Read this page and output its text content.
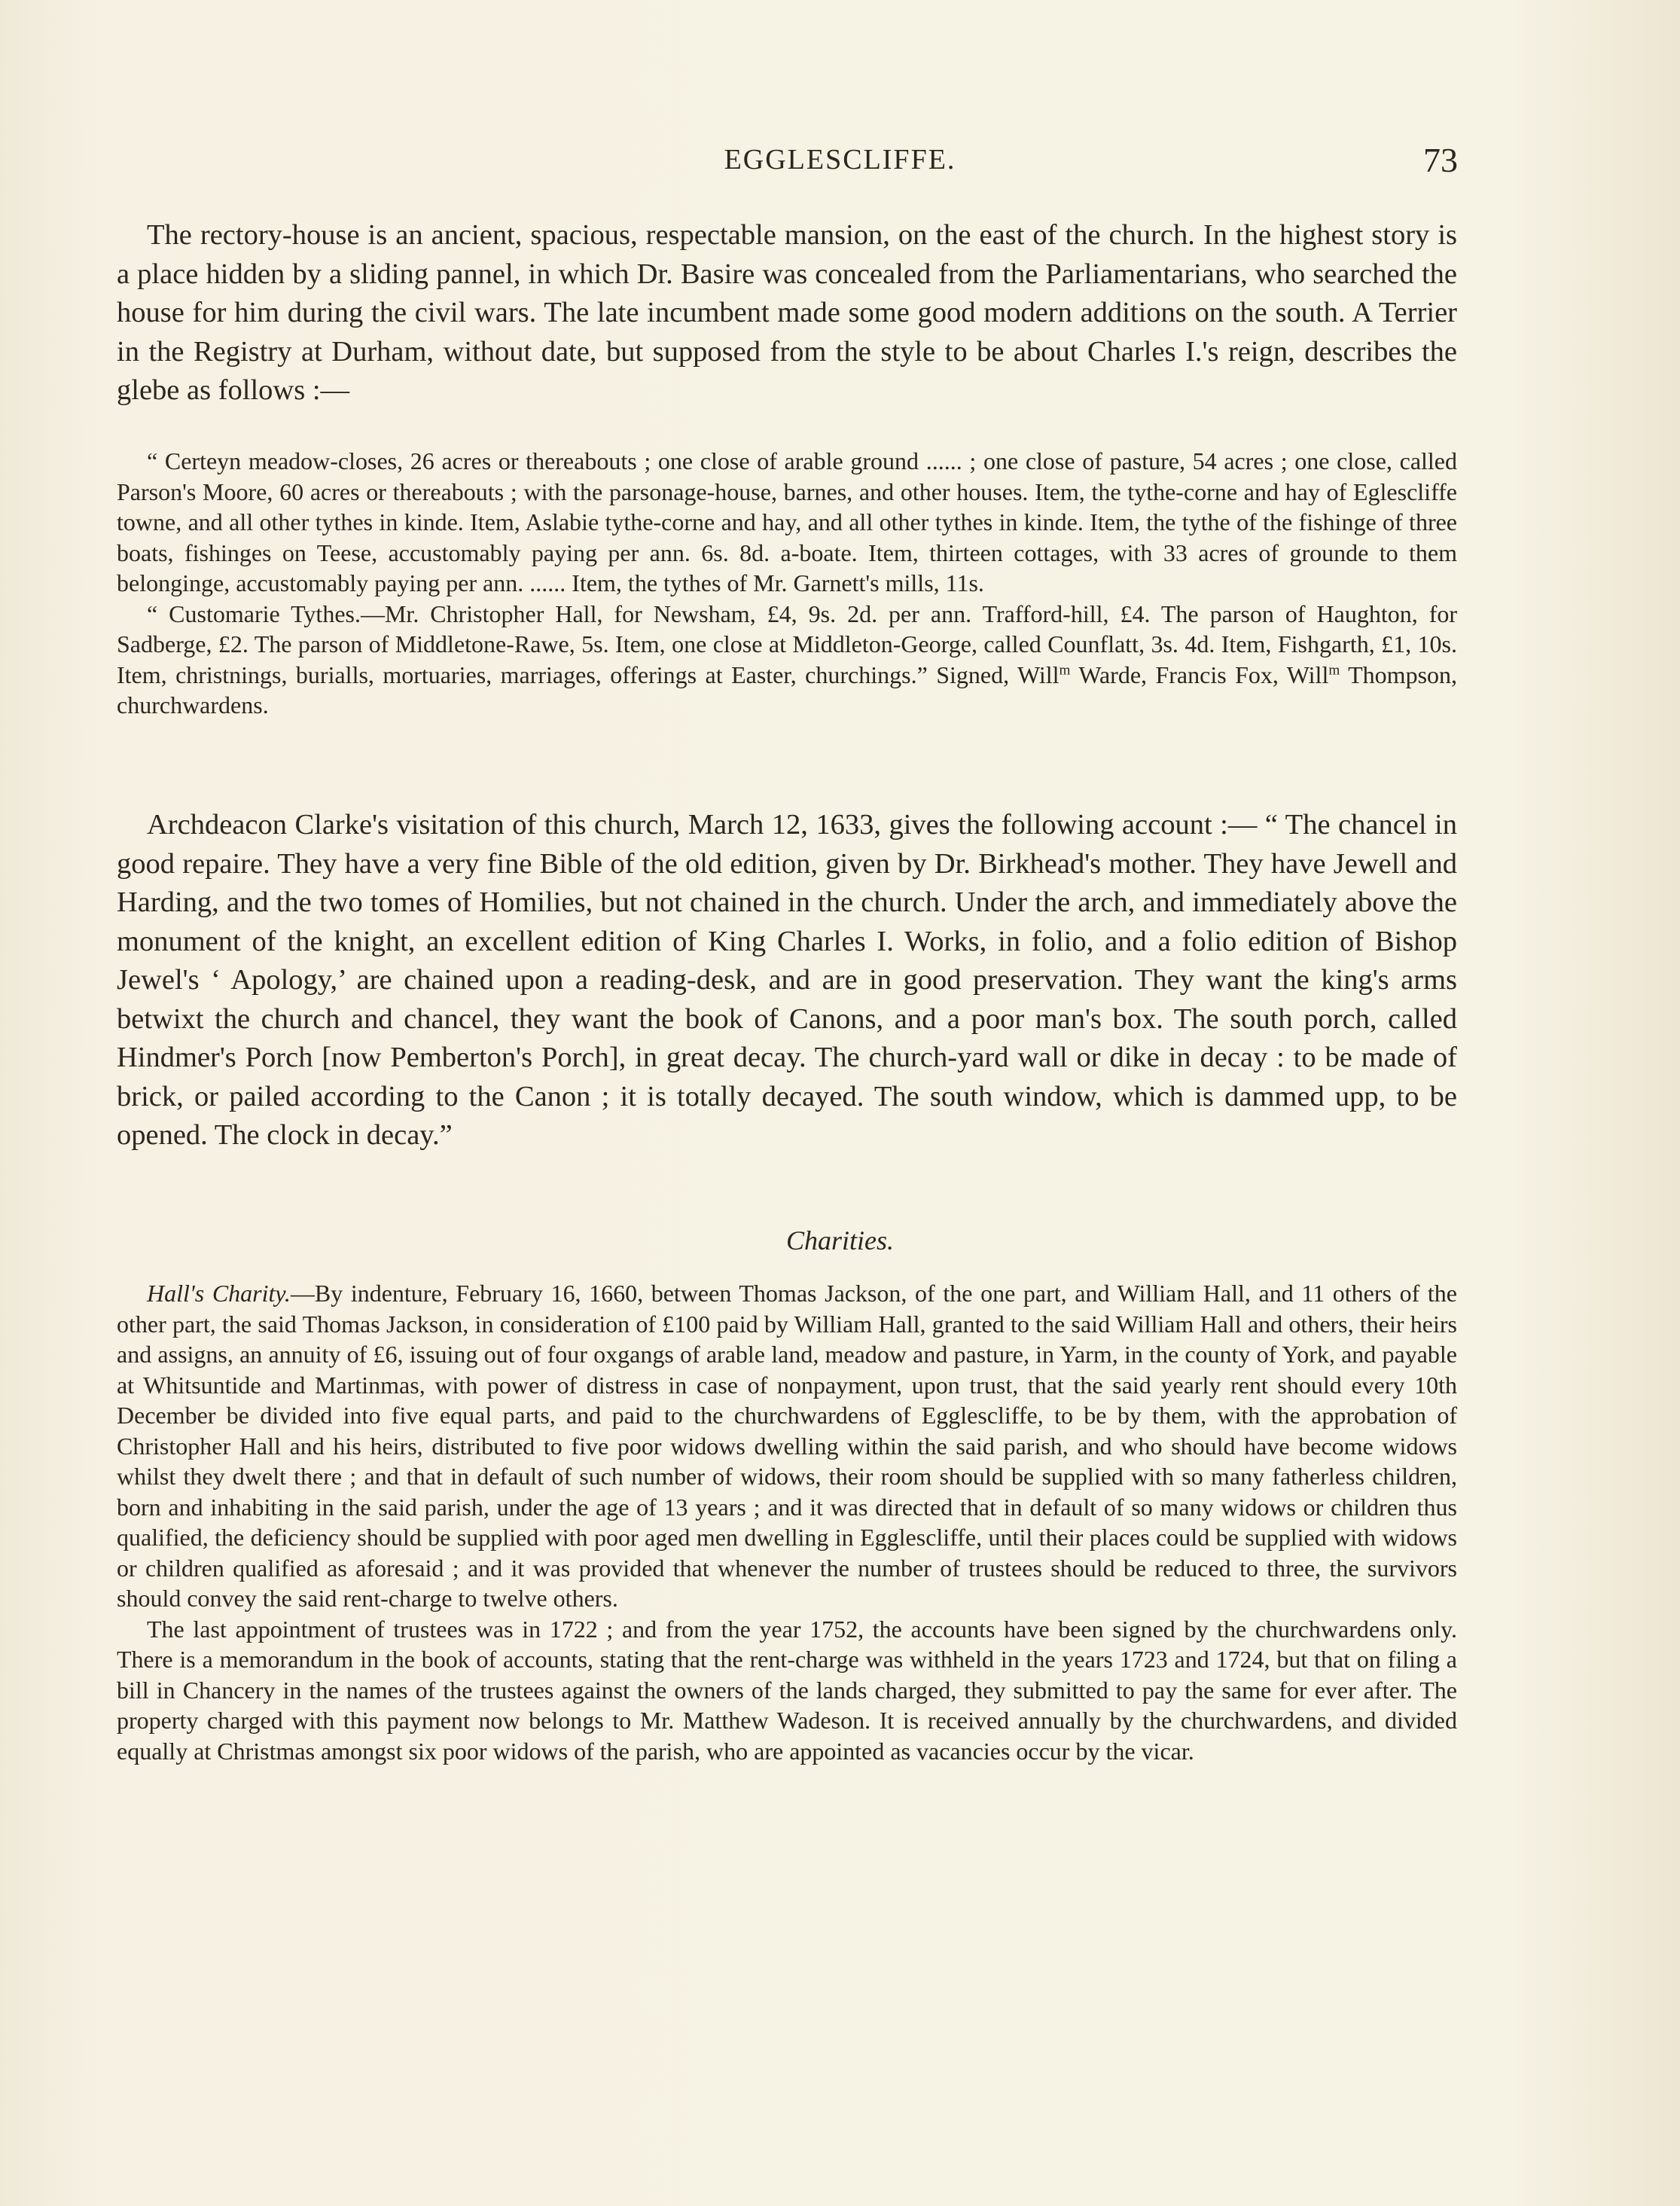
EGGLESCLIFFE.	73

The rectory-house is an ancient, spacious, respectable mansion, on the east of the church. In the highest story is a place hidden by a sliding pannel, in which Dr. Basire was concealed from the Parliamentarians, who searched the house for him during the civil wars. The late incumbent made some good modern additions on the south. A Terrier in the Registry at Durham, without date, but supposed from the style to be about Charles I.'s reign, describes the glebe as follows :—

“ Certeyn meadow-closes, 26 acres or thereabouts ; one close of arable ground ...... ; one close of pasture, 54 acres ; one close, called Parson's Moore, 60 acres or thereabouts ; with the parsonage-house, barnes, and other houses. Item, the tythe-corne and hay of Eglescliffe towne, and all other tythes in kinde. Item, Aslabie tythe-corne and hay, and all other tythes in kinde. Item, the tythe of the fishinge of three boats, fishinges on Teese, accustomably paying per ann. 6s. 8d. a-boate. Item, thirteen cottages, with 33 acres of grounde to them belonginge, accustomably paying per ann. ...... Item, the tythes of Mr. Garnett's mills, 11s.

“ Customarie Tythes.—Mr. Christopher Hall, for Newsham, £4, 9s. 2d. per ann. Trafford-hill, £4. The parson of Haughton, for Sadberge, £2. The parson of Middletone-Rawe, 5s. Item, one close at Middleton-George, called Counflatt, 3s. 4d. Item, Fishgarth, £1, 10s. Item, christnings, burialls, mortuaries, marriages, offerings at Easter, churchings.” Signed, Will$^m$ Warde, Francis Fox, Will$^m$ Thompson, churchwardens.

Archdeacon Clarke's visitation of this church, March 12, 1633, gives the following account :— “ The chancel in good repaire. They have a very fine Bible of the old edition, given by Dr. Birkhead's mother. They have Jewell and Harding, and the two tomes of Homilies, but not chained in the church. Under the arch, and immediately above the monument of the knight, an excellent edition of King Charles I. Works, in folio, and a folio edition of Bishop Jewel's ‘ Apology,’ are chained upon a reading-desk, and are in good preservation. They want the king's arms betwixt the church and chancel, they want the book of Canons, and a poor man's box. The south porch, called Hindmer's Porch [now Pemberton's Porch], in great decay. The church-yard wall or dike in decay : to be made of brick, or pailed according to the Canon ; it is totally decayed. The south window, which is dammed upp, to be opened. The clock in decay.”

Charities.

Hall's Charity.—By indenture, February 16, 1660, between Thomas Jackson, of the one part, and William Hall, and 11 others of the other part, the said Thomas Jackson, in consideration of £100 paid by William Hall, granted to the said William Hall and others, their heirs and assigns, an annuity of £6, issuing out of four oxgangs of arable land, meadow and pasture, in Yarm, in the county of York, and payable at Whitsuntide and Martinmas, with power of distress in case of nonpayment, upon trust, that the said yearly rent should every 10th December be divided into five equal parts, and paid to the churchwardens of Egglescliffe, to be by them, with the approbation of Christopher Hall and his heirs, distributed to five poor widows dwelling within the said parish, and who should have become widows whilst they dwelt there ; and that in default of such number of widows, their room should be supplied with so many fatherless children, born and inhabiting in the said parish, under the age of 13 years ; and it was directed that in default of so many widows or children thus qualified, the deficiency should be supplied with poor aged men dwelling in Egglescliffe, until their places could be supplied with widows or children qualified as aforesaid ; and it was provided that whenever the number of trustees should be reduced to three, the survivors should convey the said rent-charge to twelve others.

The last appointment of trustees was in 1722 ; and from the year 1752, the accounts have been signed by the churchwardens only. There is a memorandum in the book of accounts, stating that the rent-charge was withheld in the years 1723 and 1724, but that on filing a bill in Chancery in the names of the trustees against the owners of the lands charged, they submitted to pay the same for ever after. The property charged with this payment now belongs to Mr. Matthew Wadeson. It is received annually by the churchwardens, and divided equally at Christmas amongst six poor widows of the parish, who are appointed as vacancies occur by the vicar.
